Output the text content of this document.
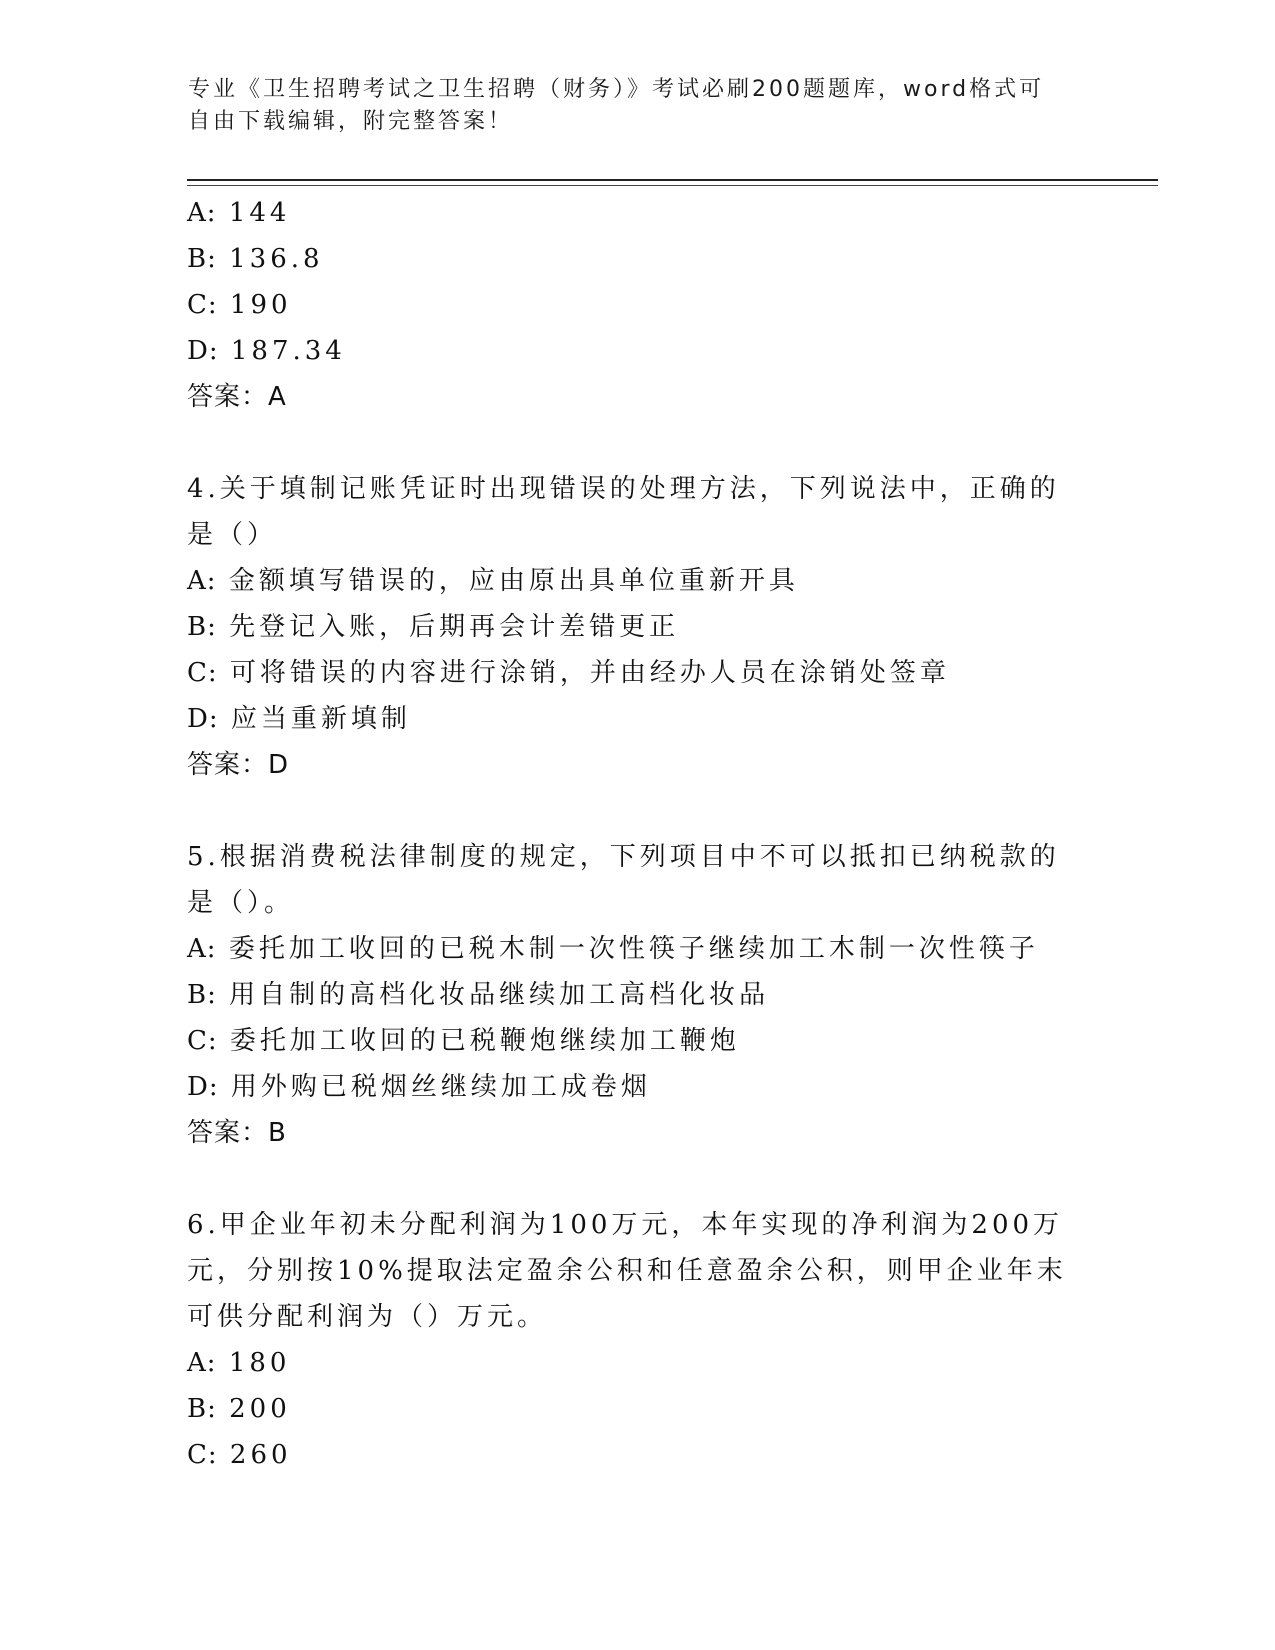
专业《卫生招聘考试之卫生招聘（财务）》考试必刷200题题库，word格式可自由下载编辑，附完整答案！
A: 144
B: 136.8
C: 190
D: 187.34
答案：A
4.关于填制记账凭证时出现错误的处理方法，下列说法中，正确的是（）
A: 金额填写错误的，应由原出具单位重新开具
B: 先登记入账，后期再会计差错更正
C: 可将错误的内容进行涂销，并由经办人员在涂销处签章
D: 应当重新填制
答案：D
5.根据消费税法律制度的规定，下列项目中不可以抵扣已纳税款的是（）。
A: 委托加工收回的已税木制一次性筷子继续加工木制一次性筷子
B: 用自制的高档化妆品继续加工高档化妆品
C: 委托加工收回的已税鞭炮继续加工鞭炮
D: 用外购已税烟丝继续加工成卷烟
答案：B
6.甲企业年初未分配利润为100万元，本年实现的净利润为200万元，分别按10%提取法定盈余公积和任意盈余公积，则甲企业年末可供分配利润为（）万元。
A: 180
B: 200
C: 260
